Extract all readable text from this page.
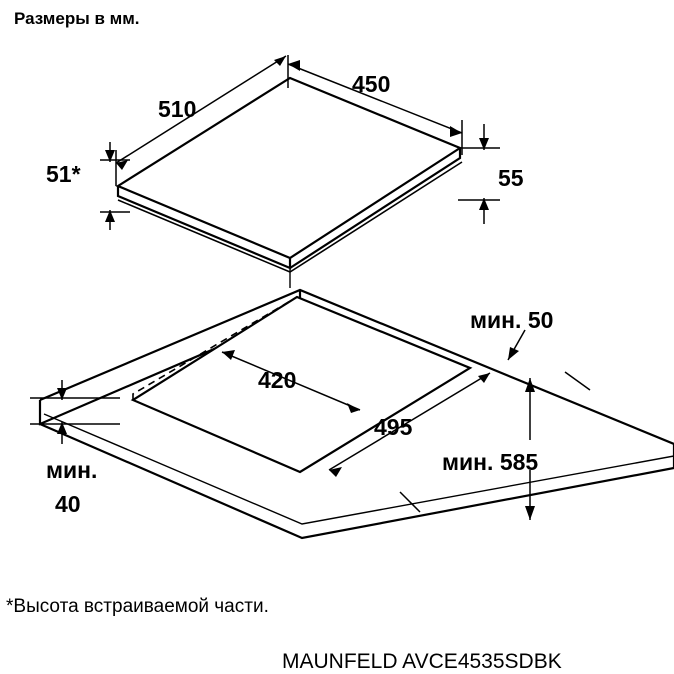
Размеры в мм.
450
510
51*	55
420
495
мин. 50
мин. 585
мин.
40
*Высота встраиваемой части.
MAUNFELD AVCE4535SDBK
